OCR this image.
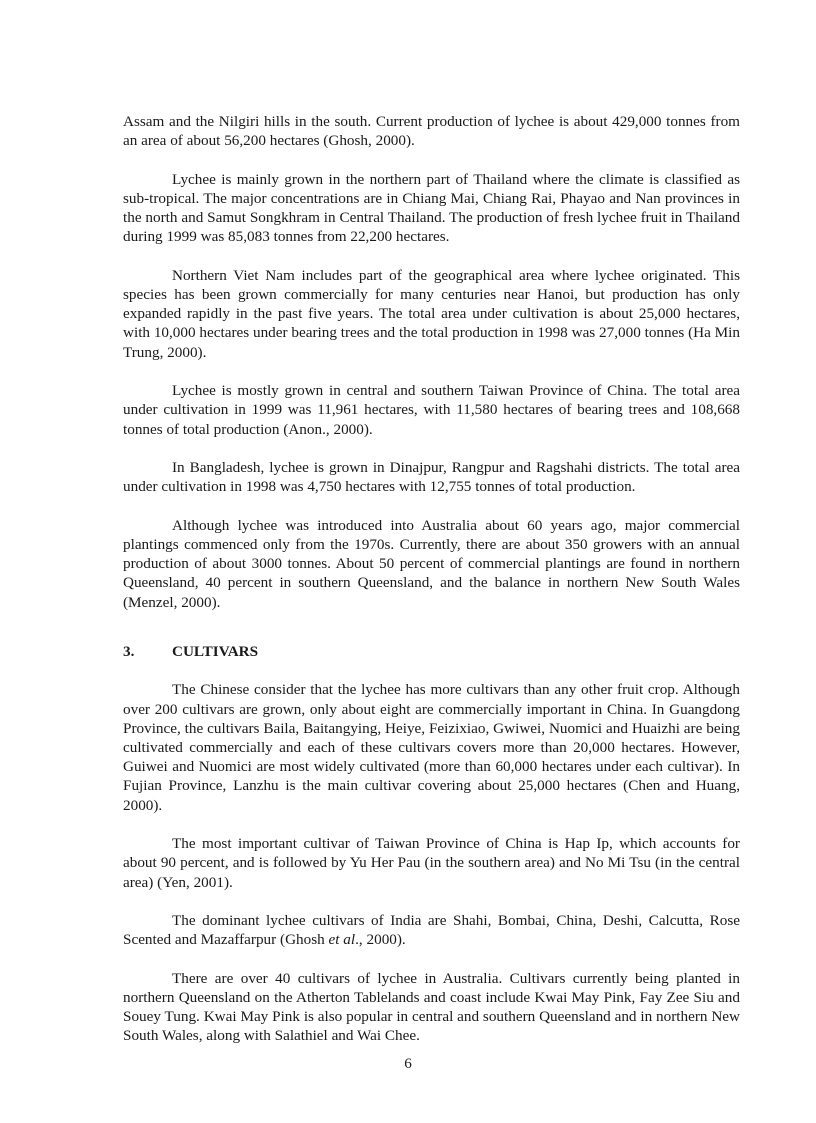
Assam and the Nilgiri hills in the south. Current production of lychee is about 429,000 tonnes from an area of about 56,200 hectares (Ghosh, 2000).

Lychee is mainly grown in the northern part of Thailand where the climate is classified as sub-tropical. The major concentrations are in Chiang Mai, Chiang Rai, Phayao and Nan provinces in the north and Samut Songkhram in Central Thailand. The production of fresh lychee fruit in Thailand during 1999 was 85,083 tonnes from 22,200 hectares.

Northern Viet Nam includes part of the geographical area where lychee originated. This species has been grown commercially for many centuries near Hanoi, but production has only expanded rapidly in the past five years. The total area under cultivation is about 25,000 hectares, with 10,000 hectares under bearing trees and the total production in 1998 was 27,000 tonnes (Ha Min Trung, 2000).

Lychee is mostly grown in central and southern Taiwan Province of China. The total area under cultivation in 1999 was 11,961 hectares, with 11,580 hectares of bearing trees and 108,668 tonnes of total production (Anon., 2000).

In Bangladesh, lychee is grown in Dinajpur, Rangpur and Ragshahi districts. The total area under cultivation in 1998 was 4,750 hectares with 12,755 tonnes of total production.

Although lychee was introduced into Australia about 60 years ago, major commercial plantings commenced only from the 1970s. Currently, there are about 350 growers with an annual production of about 3000 tonnes. About 50 percent of commercial plantings are found in northern Queensland, 40 percent in southern Queensland, and the balance in northern New South Wales (Menzel, 2000).

3.	CULTIVARS

The Chinese consider that the lychee has more cultivars than any other fruit crop. Although over 200 cultivars are grown, only about eight are commercially important in China. In Guangdong Province, the cultivars Baila, Baitangying, Heiye, Feizixiao, Gwiwei, Nuomici and Huaizhi are being cultivated commercially and each of these cultivars covers more than 20,000 hectares. However, Guiwei and Nuomici are most widely cultivated (more than 60,000 hectares under each cultivar). In Fujian Province, Lanzhu is the main cultivar covering about 25,000 hectares (Chen and Huang, 2000).

The most important cultivar of Taiwan Province of China is Hap Ip, which accounts for about 90 percent, and is followed by Yu Her Pau (in the southern area) and No Mi Tsu (in the central area) (Yen, 2001).

The dominant lychee cultivars of India are Shahi, Bombai, China, Deshi, Calcutta, Rose Scented and Mazaffarpur (Ghosh et al., 2000).

There are over 40 cultivars of lychee in Australia. Cultivars currently being planted in northern Queensland on the Atherton Tablelands and coast include Kwai May Pink, Fay Zee Siu and Souey Tung. Kwai May Pink is also popular in central and southern Queensland and in northern New South Wales, along with Salathiel and Wai Chee.

6
